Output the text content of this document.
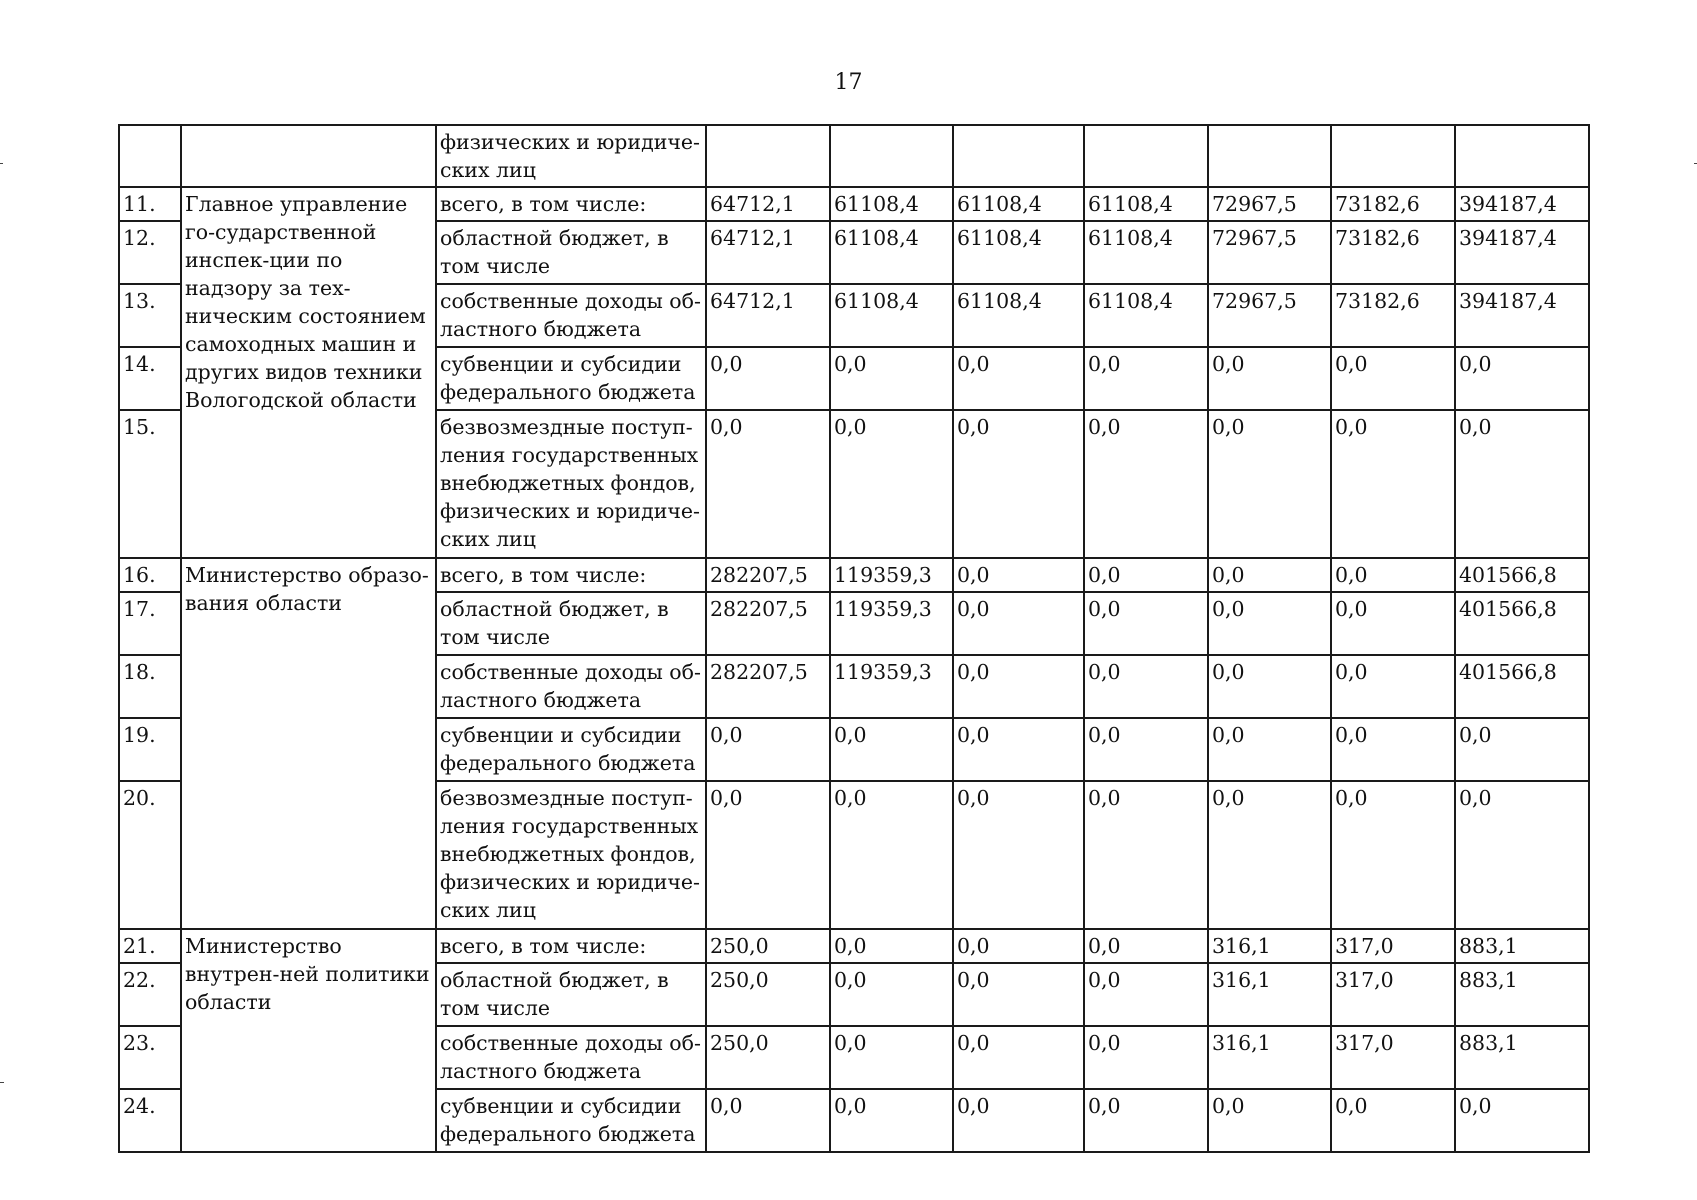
17
		физических и юридиче-ских лиц							
11.	Главное управление го-сударственной инспек-ции по надзору за тех-ническим состоянием самоходных машин и других видов техники Вологодской области	всего, в том числе:	64712,1	61108,4	61108,4	61108,4	72967,5	73182,6	394187,4
12.		областной бюджет, в том числе	64712,1	61108,4	61108,4	61108,4	72967,5	73182,6	394187,4
13.		собственные доходы об-ластного бюджета	64712,1	61108,4	61108,4	61108,4	72967,5	73182,6	394187,4
14.		субвенции и субсидии федерального бюджета	0,0	0,0	0,0	0,0	0,0	0,0	0,0
15.		безвозмездные поступ-ления государственных внебюджетных фондов, физических и юридиче-ских лиц	0,0	0,0	0,0	0,0	0,0	0,0	0,0
16.	Министерство образо-вания области	всего, в том числе:	282207,5	119359,3	0,0	0,0	0,0	0,0	401566,8
17.		областной бюджет, в том числе	282207,5	119359,3	0,0	0,0	0,0	0,0	401566,8
18.		собственные доходы об-ластного бюджета	282207,5	119359,3	0,0	0,0	0,0	0,0	401566,8
19.		субвенции и субсидии федерального бюджета	0,0	0,0	0,0	0,0	0,0	0,0	0,0
20.		безвозмездные поступ-ления государственных внебюджетных фондов, физических и юридиче-ских лиц	0,0	0,0	0,0	0,0	0,0	0,0	0,0
21.	Министерство внутрен-ней политики области	всего, в том числе:	250,0	0,0	0,0	0,0	316,1	317,0	883,1
22.		областной бюджет, в том числе	250,0	0,0	0,0	0,0	316,1	317,0	883,1
23.		собственные доходы об-ластного бюджета	250,0	0,0	0,0	0,0	316,1	317,0	883,1
24.		субвенции и субсидии федерального бюджета	0,0	0,0	0,0	0,0	0,0	0,0	0,0
